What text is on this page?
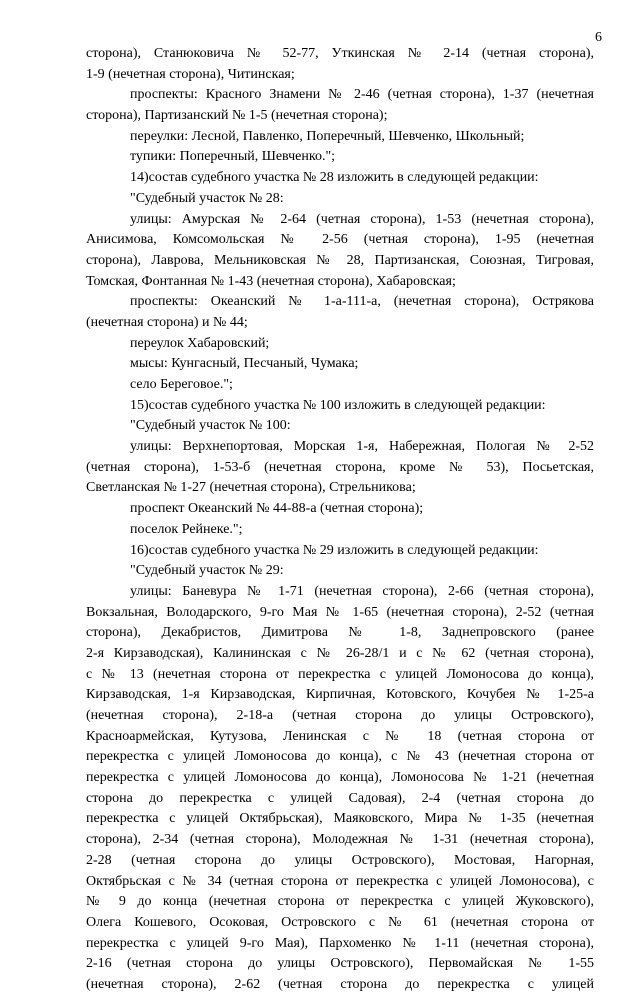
6
сторона), Станюковича № 52-77, Уткинская № 2-14 (четная сторона),
1-9 (нечетная сторона), Читинская;
проспекты: Красного Знамени № 2-46 (четная сторона), 1-37 (нечетная
сторона), Партизанский № 1-5 (нечетная сторона);
переулки: Лесной, Павленко, Поперечный, Шевченко, Школьный;
тупики: Поперечный, Шевченко.";
14)состав судебного участка № 28 изложить в следующей редакции:
"Судебный участок № 28:
улицы: Амурская № 2-64 (четная сторона), 1-53 (нечетная сторона),
Анисимова, Комсомольская № 2-56 (четная сторона), 1-95 (нечетная
сторона), Лаврова, Мельниковская № 28, Партизанская, Союзная, Тигровая,
Томская, Фонтанная № 1-43 (нечетная сторона), Хабаровская;
проспекты: Океанский № 1-а-111-а, (нечетная сторона), Острякова
(нечетная сторона) и № 44;
переулок Хабаровский;
мысы: Кунгасный, Песчаный, Чумака;
село Береговое.";
15)состав судебного участка № 100 изложить в следующей редакции:
"Судебный участок № 100:
улицы: Верхнепортовая, Морская 1-я, Набережная, Пологая № 2-52
(четная сторона), 1-53-б (нечетная сторона, кроме № 53), Посьетская,
Светланская № 1-27 (нечетная сторона), Стрельникова;
проспект Океанский № 44-88-а (четная сторона);
поселок Рейнеке.";
16)состав судебного участка № 29 изложить в следующей редакции:
"Судебный участок № 29:
улицы: Баневура № 1-71 (нечетная сторона), 2-66 (четная сторона),
Вокзальная, Володарского, 9-го Мая № 1-65 (нечетная сторона), 2-52 (четная
сторона), Декабристов, Димитрова № 1-8, Заднепровского (ранее
2-я Кирзаводская), Калининская с № 26-28/1 и с № 62 (четная сторона),
с № 13 (нечетная сторона от перекрестка с улицей Ломоносова до конца),
Кирзаводская, 1-я Кирзаводская, Кирпичная, Котовского, Кочубея № 1-25-а
(нечетная сторона), 2-18-а (четная сторона до улицы Островского),
Красноармейская, Кутузова, Ленинская с № 18 (четная сторона от
перекрестка с улицей Ломоносова до конца), с № 43 (нечетная сторона от
перекрестка с улицей Ломоносова до конца), Ломоносова № 1-21 (нечетная
сторона до перекрестка с улицей Садовая), 2-4 (четная сторона до
перекрестка с улицей Октябрьская), Маяковского, Мира № 1-35 (нечетная
сторона), 2-34 (четная сторона), Молодежная № 1-31 (нечетная сторона),
2-28 (четная сторона до улицы Островского), Мостовая, Нагорная,
Октябрьская с № 34 (четная сторона от перекрестка с улицей Ломоносова), с
№ 9 до конца (нечетная сторона от перекрестка с улицей Жуковского),
Олега Кошевого, Осоковая, Островского с № 61 (нечетная сторона от
перекрестка с улицей 9-го Мая), Пархоменко № 1-11 (нечетная сторона),
2-16 (четная сторона до улицы Островского), Первомайская № 1-55
(нечетная сторона), 2-62 (четная сторона до перекрестка с улицей
